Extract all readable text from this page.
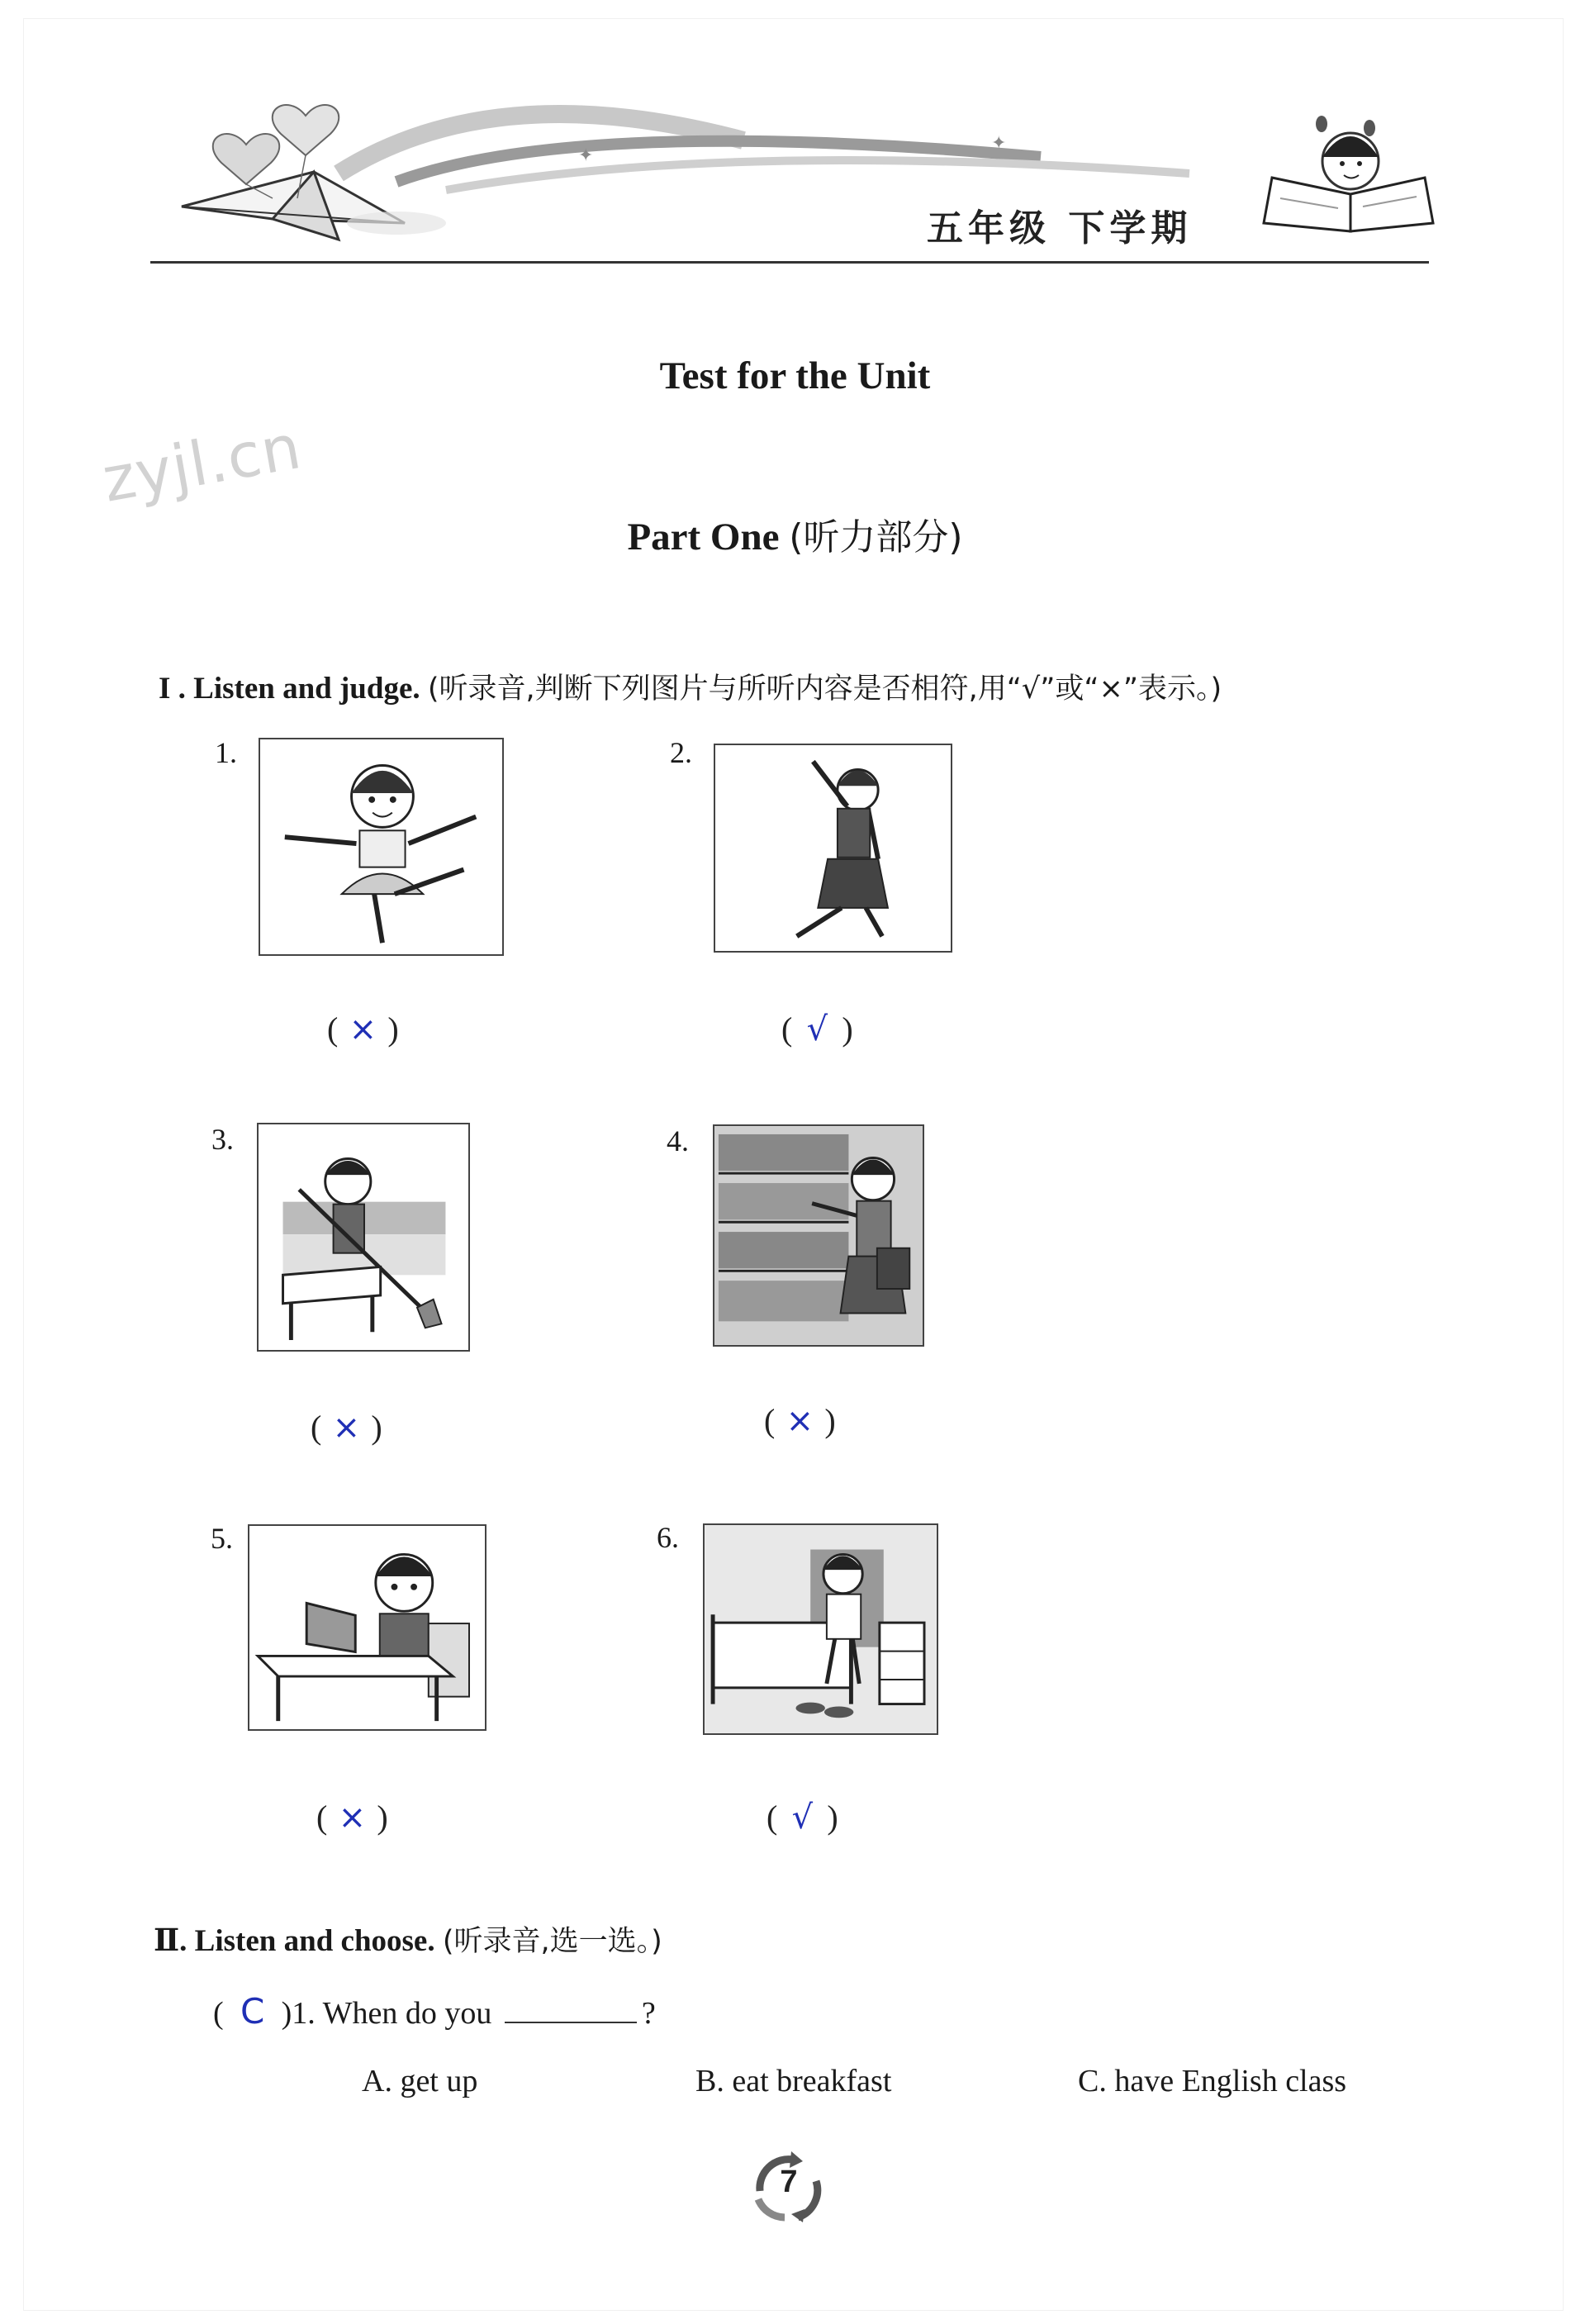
✦
✦
五年级 下学期
zyjl.cn
Test for the Unit
Part One (听力部分)
I . Listen and judge. (听录音,判断下列图片与所听内容是否相符,用“√”或“×”表示。)
1.
( × )
2.
( √ )
3.
( × )
4.
( × )
5.
( × )
6.
( √ )
Ⅱ. Listen and choose. (听录音,选一选。)
( C )1. When do you	?
A. get up	B. eat breakfast	C. have English class
7
